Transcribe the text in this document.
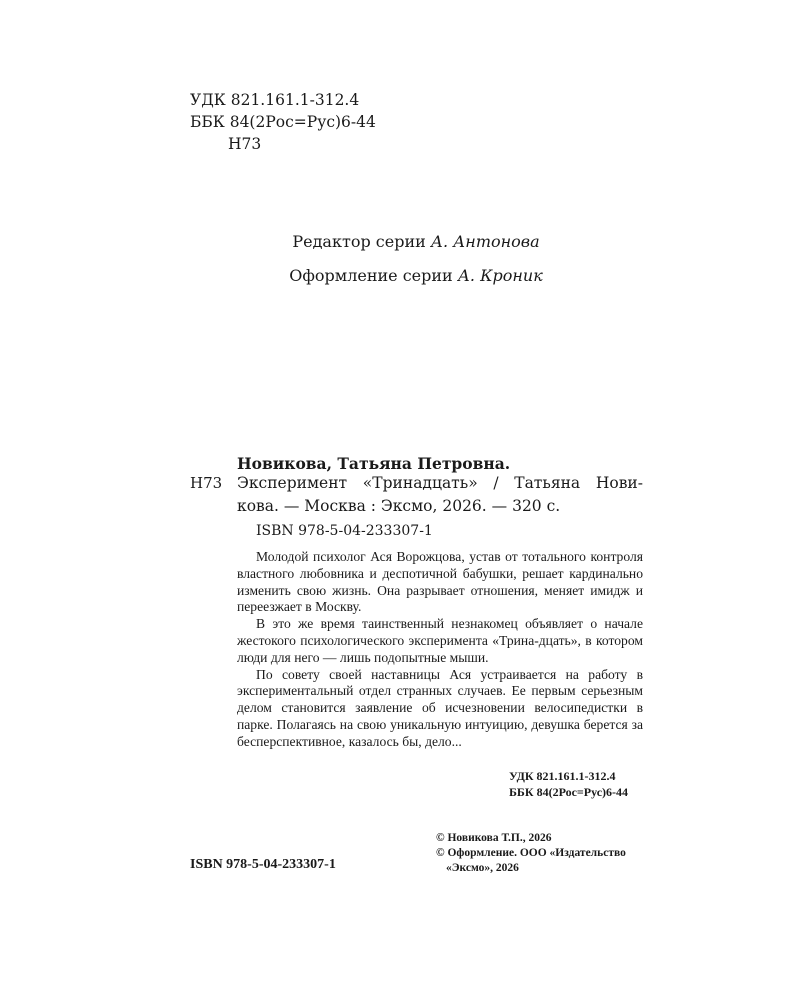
УДК 821.161.1-312.4
ББК 84(2Рос=Рус)6-44
Н73
Редактор серии А. Антонова
Оформление серии А. Кроник
Новикова, Татьяна Петровна.
Н73 Эксперимент «Тринадцать» / Татьяна Нови-
кова. — Москва : Эксмо, 2026. — 320 с.
ISBN 978-5-04-233307-1

Молодой психолог Ася Ворожцова, устав от тотального контроля властного любовника и деспотичной бабушки, решает кардинально изменить свою жизнь. Она разрывает отношения, меняет имидж и переезжает в Москву.

В это же время таинственный незнакомец объявляет о начале жестокого психологического эксперимента «Трина-дцать», в котором люди для него — лишь подопытные мыши.

По совету своей наставницы Ася устраивается на работу в экспериментальный отдел странных случаев. Ее первым серьезным делом становится заявление об исчезновении велосипедистки в парке. Полагаясь на свою уникальную интуицию, девушка берется за бесперспективное, казалось бы, дело...

УДК 821.161.1-312.4
ББК 84(2Рос=Рус)6-44
© Новикова Т.П., 2026
© Оформление. ООО «Издательство
«Эксмо», 2026
ISBN 978-5-04-233307-1
